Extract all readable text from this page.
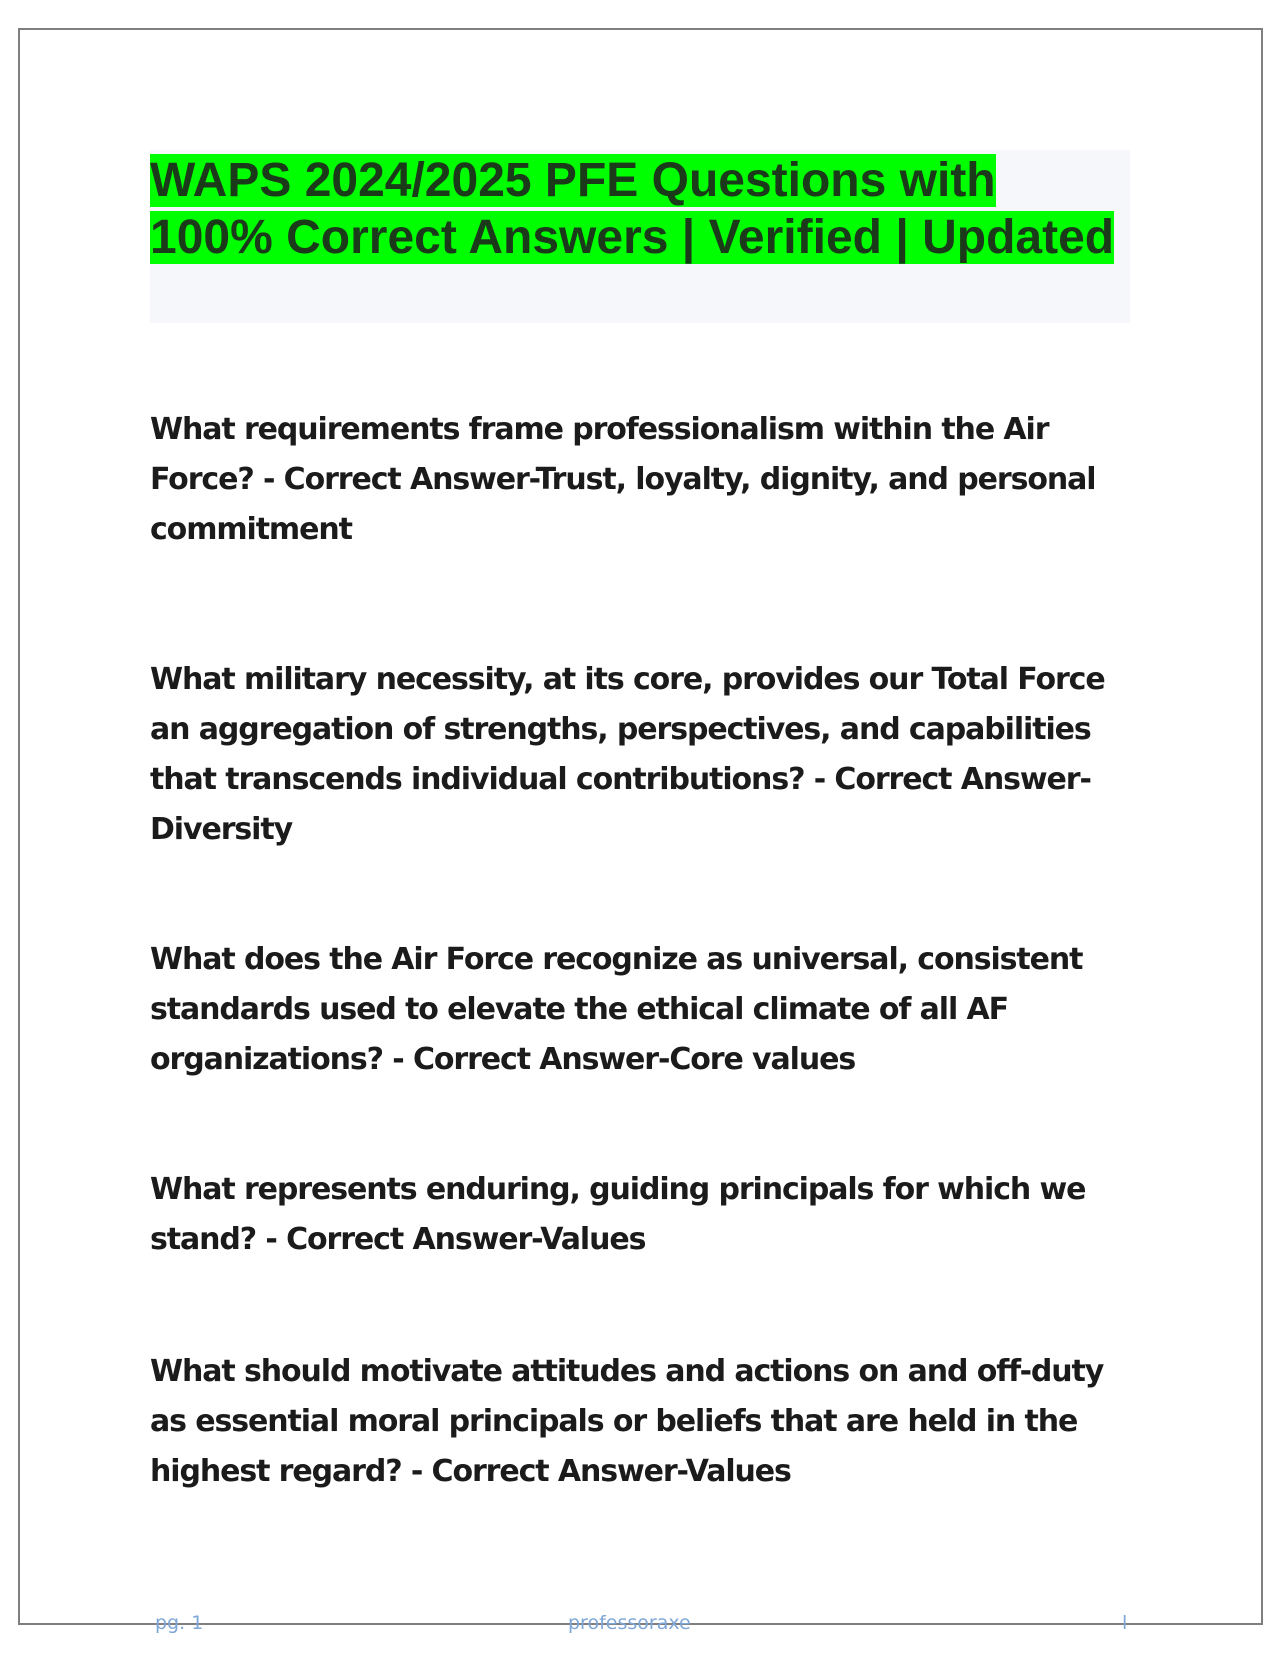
WAPS 2024/2025 PFE Questions with 100% Correct Answers | Verified | Updated

What requirements frame professionalism within the Air Force? - Correct Answer-Trust, loyalty, dignity, and personal commitment

What military necessity, at its core, provides our Total Force an aggregation of strengths, perspectives, and capabilities that transcends individual contributions? - Correct Answer-Diversity

What does the Air Force recognize as universal, consistent standards used to elevate the ethical climate of all AF organizations? - Correct Answer-Core values

What represents enduring, guiding principals for which we stand? - Correct Answer-Values

What should motivate attitudes and actions on and off-duty as essential moral principals or beliefs that are held in the highest regard? - Correct Answer-Values

pg. 1	professoraxe	l
